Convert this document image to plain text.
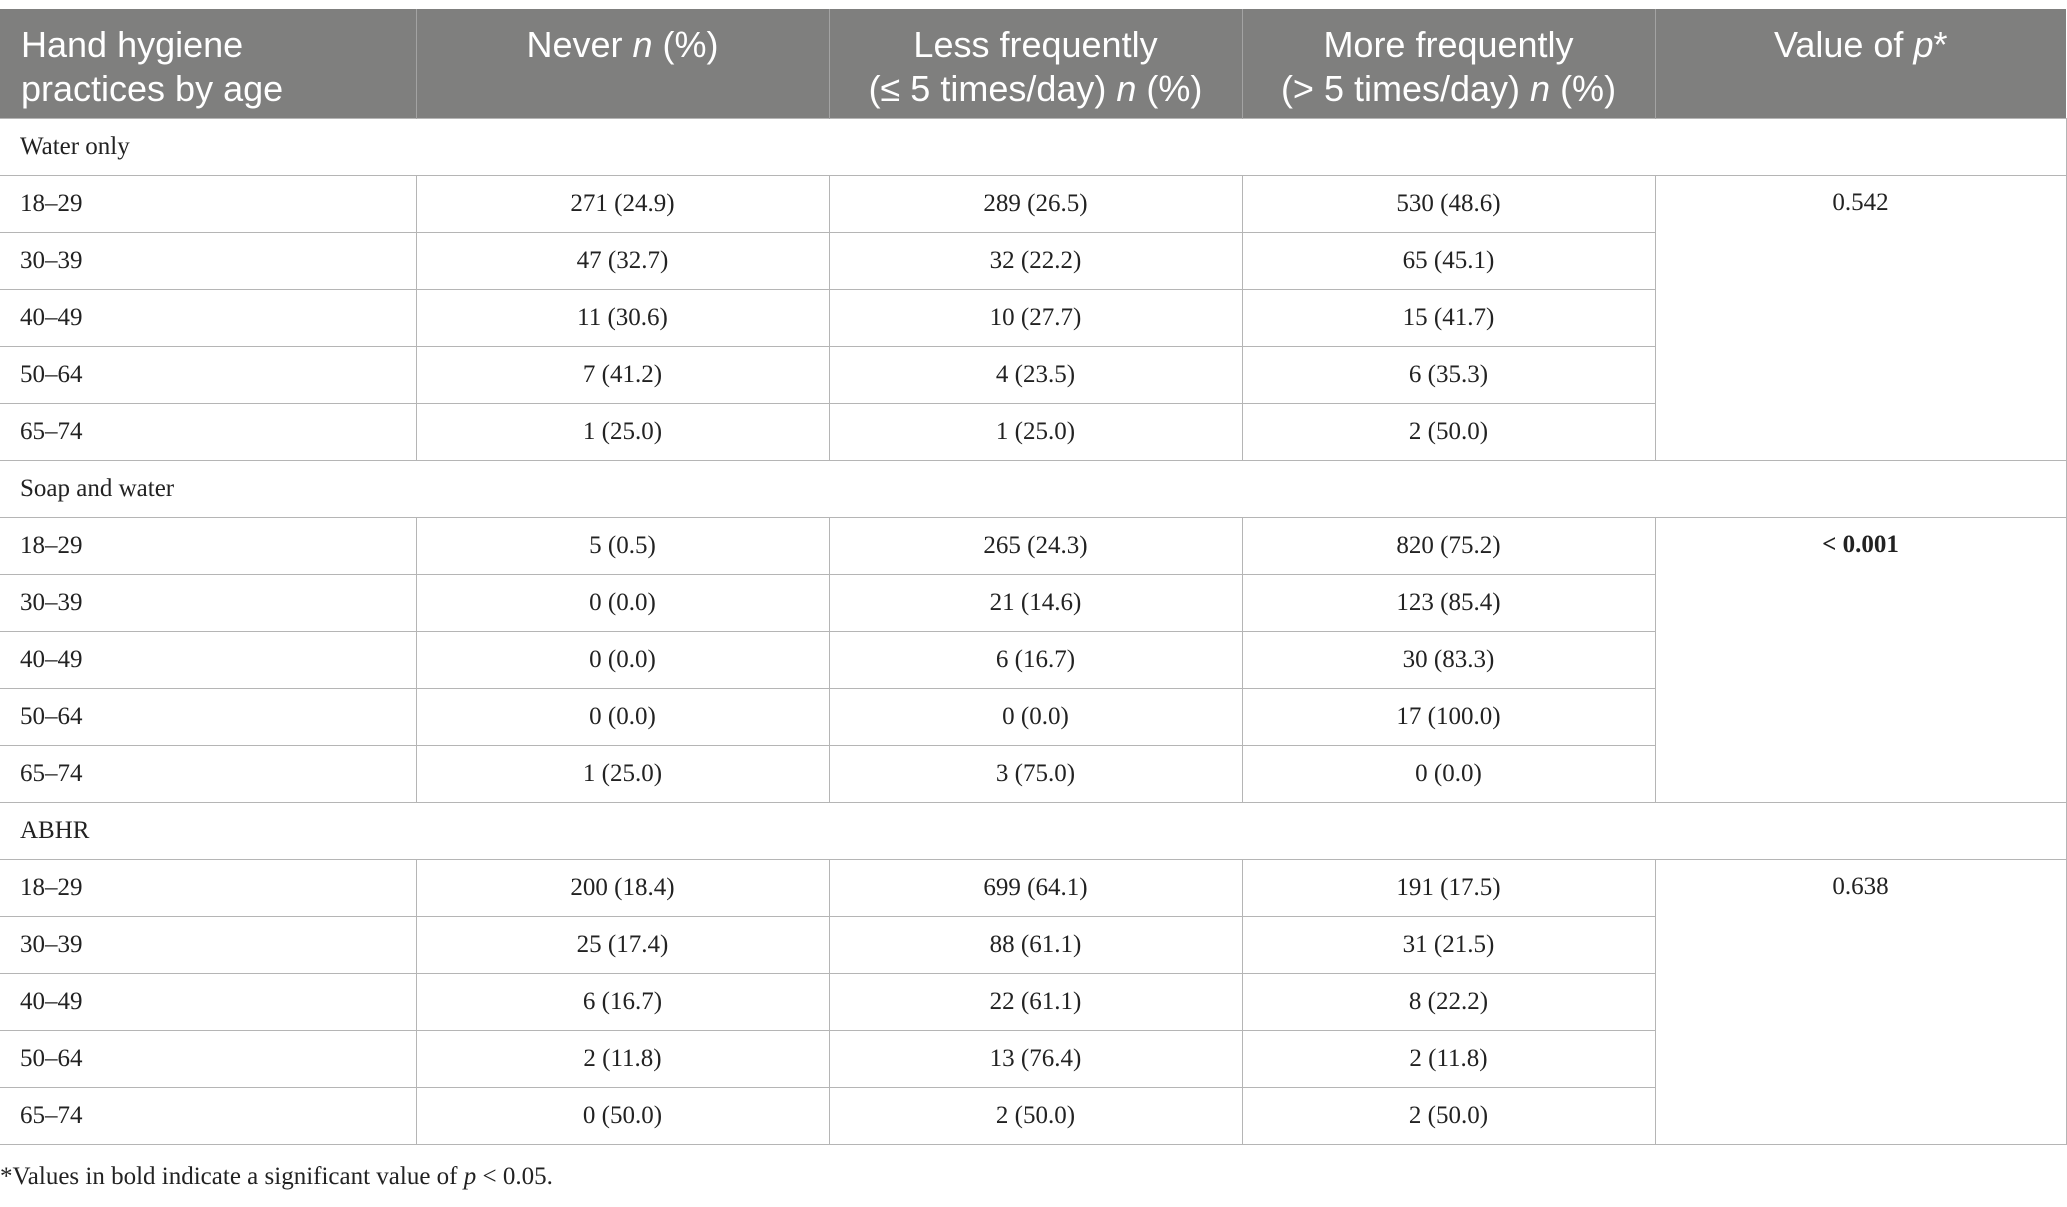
Hand hygiene
practices by age	Never n (%)	Less frequently
(≤ 5 times/day) n (%)	More frequently
(> 5 times/day) n (%)	Value of p*
Water only				
18–29	271 (24.9)	289 (26.5)	530 (48.6)	0.542
30–39	47 (32.7)	32 (22.2)	65 (45.1)	
40–49	11 (30.6)	10 (27.7)	15 (41.7)	
50–64	7 (41.2)	4 (23.5)	6 (35.3)	
65–74	1 (25.0)	1 (25.0)	2 (50.0)	
Soap and water				
18–29	5 (0.5)	265 (24.3)	820 (75.2)	< 0.001
30–39	0 (0.0)	21 (14.6)	123 (85.4)	
40–49	0 (0.0)	6 (16.7)	30 (83.3)	
50–64	0 (0.0)	0 (0.0)	17 (100.0)	
65–74	1 (25.0)	3 (75.0)	0 (0.0)	
ABHR				
18–29	200 (18.4)	699 (64.1)	191 (17.5)	0.638
30–39	25 (17.4)	88 (61.1)	31 (21.5)	
40–49	6 (16.7)	22 (61.1)	8 (22.2)	
50–64	2 (11.8)	13 (76.4)	2 (11.8)	
65–74	0 (50.0)	2 (50.0)	2 (50.0)	
*Values in bold indicate a significant value of p < 0.05.
